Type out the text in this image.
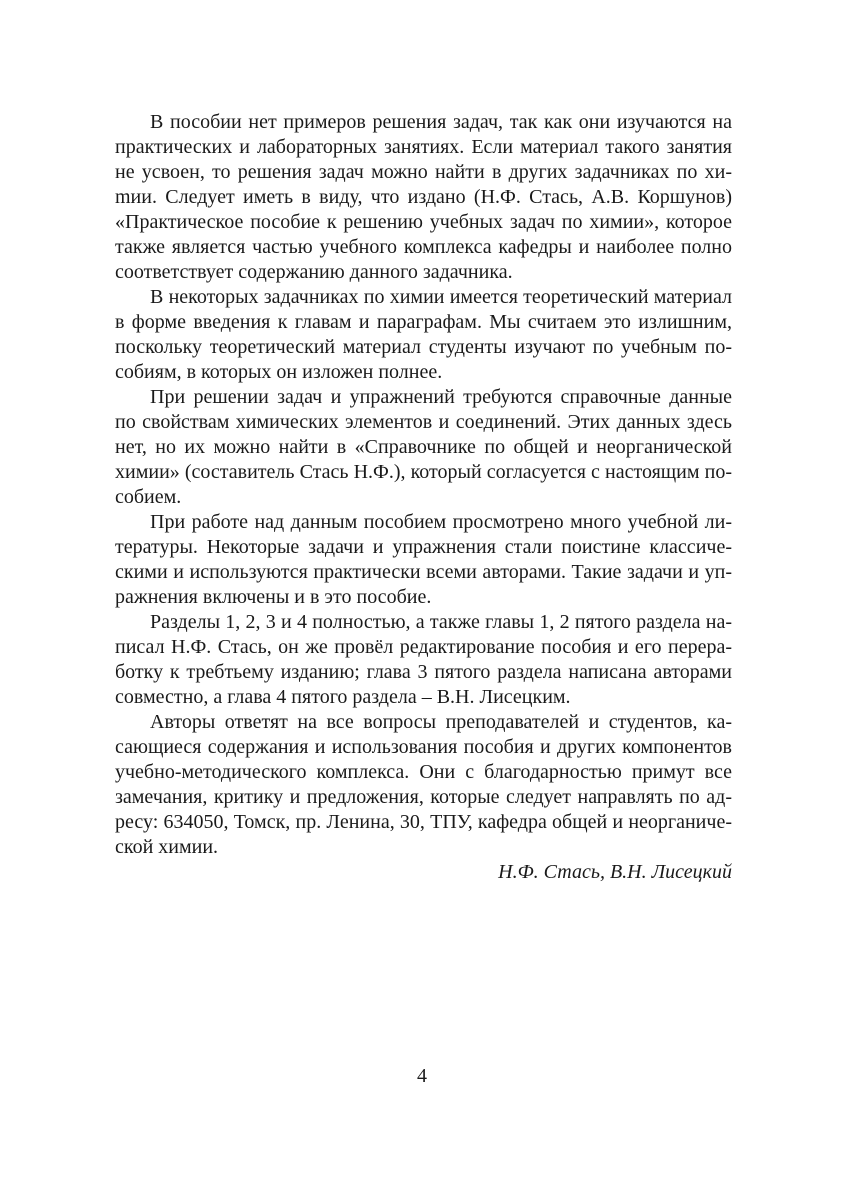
В пособии нет примеров решения задач, так как они изучаются на практических и лабораторных занятиях. Если материал такого занятия не усвоен, то решения задач можно найти в других задачниках по хиmии. Следует иметь в виду, что издано (Н.Ф. Стась, А.В. Коршунов) «Практическое пособие к решению учебных задач по химии», которое также является частью учебного комплекса кафедры и наиболее полно соответствует содержанию данного задачника.

В некоторых задачниках по химии имеется теоретический материал в форме введения к главам и параграфам. Мы считаем это излишним, поскольку теоретический материал студенты изучают по учебным пособиям, в которых он изложен полнее.

При решении задач и упражнений требуются справочные данные по свойствам химических элементов и соединений. Этих данных здесь нет, но их можно найти в «Справочнике по общей и неорганической химии» (составитель Стась Н.Ф.), который согласуется с настоящим пособием.

При работе над данным пособием просмотрено много учебной литературы. Некоторые задачи и упражнения стали поистине классическими и используются практически всеми авторами. Такие задачи и упражнения включены и в это пособие.

Разделы 1, 2, 3 и 4 полностью, а также главы 1, 2 пятого раздела написал Н.Ф. Стась, он же провёл редактирование пособия и его переработку к требтьему изданию; глава 3 пятого раздела написана авторами совместно, а глава 4 пятого раздела – В.Н. Лисецким.

Авторы ответят на все вопросы преподавателей и студентов, касающиеся содержания и использования пособия и других компонентов учебно-методического комплекса. Они с благодарностью примут все замечания, критику и предложения, которые следует направлять по адресу: 634050, Томск, пр. Ленина, 30, ТПУ, кафедра общей и неорганической химии.

Н.Ф. Стась, В.Н. Лисецкий

4
